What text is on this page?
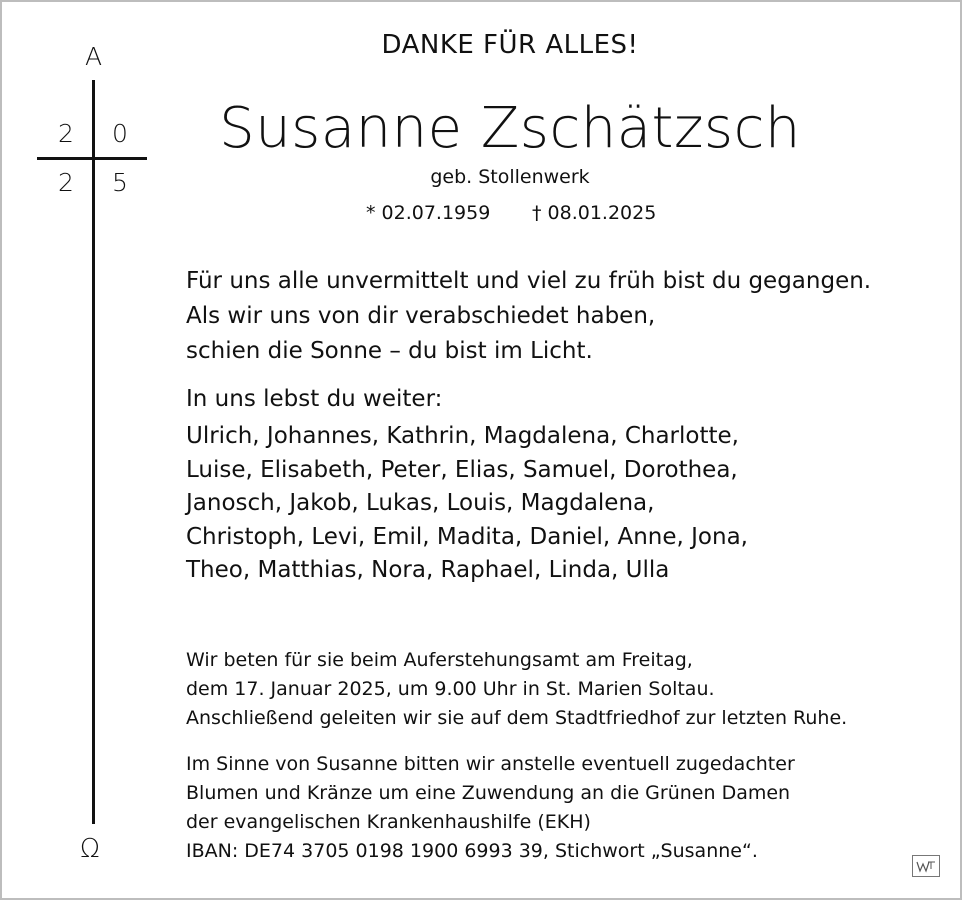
A
2 0
2 5
Ω
DANKE FÜR ALLES!
Susanne Zschätzsch
geb. Stollenwerk
* 02.07.1959 † 08.01.2025
Für uns alle unvermittelt und viel zu früh bist du gegangen.
Als wir uns von dir verabschiedet haben,
schien die Sonne – du bist im Licht.
In uns lebst du weiter:
Ulrich, Johannes, Kathrin, Magdalena, Charlotte,
Luise, Elisabeth, Peter, Elias, Samuel, Dorothea,
Janosch, Jakob, Lukas, Louis, Magdalena,
Christoph, Levi, Emil, Madita, Daniel, Anne, Jona,
Theo, Matthias, Nora, Raphael, Linda, Ulla
Wir beten für sie beim Auferstehungsamt am Freitag,
dem 17. Januar 2025, um 9.00 Uhr in St. Marien Soltau.
Anschließend geleiten wir sie auf dem Stadtfriedhof zur letzten Ruhe.
Im Sinne von Susanne bitten wir anstelle eventuell zugedachter
Blumen und Kränze um eine Zuwendung an die Grünen Damen
der evangelischen Krankenhaushilfe (EKH)
IBAN: DE74 3705 0198 1900 6993 39, Stichwort „Susanne“.
